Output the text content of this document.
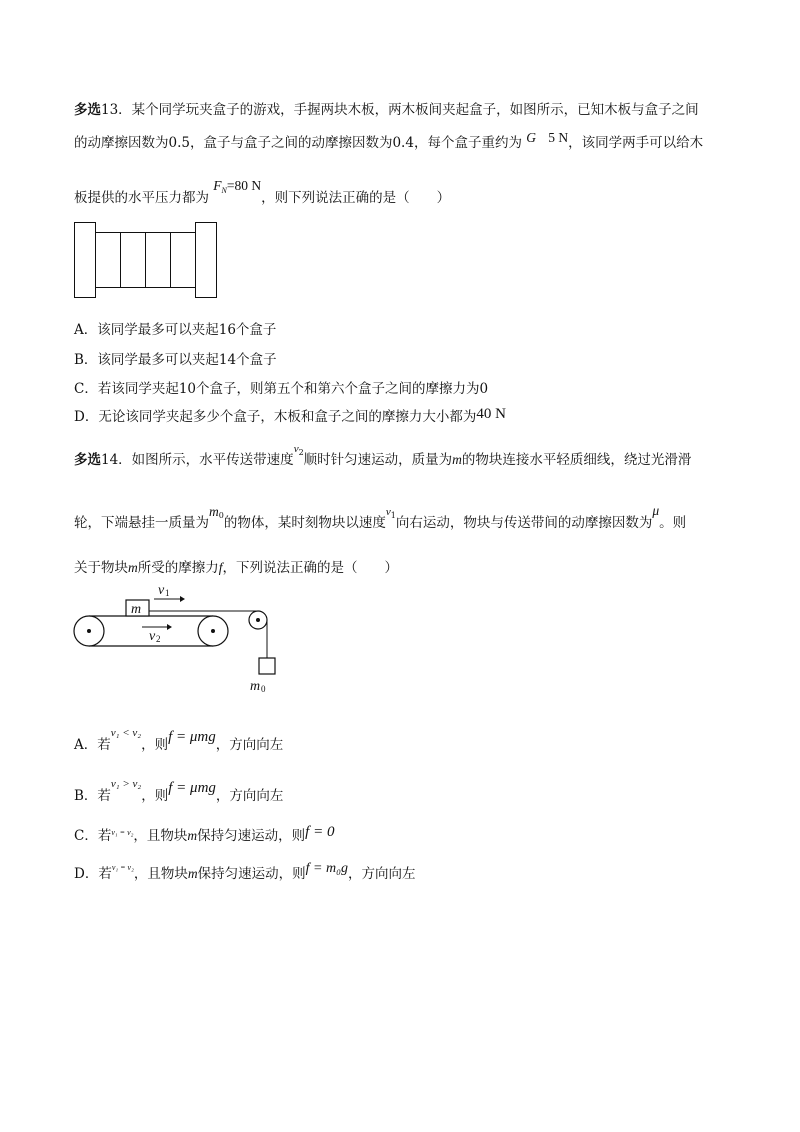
多选13．某个同学玩夹盒子的游戏，手握两块木板，两木板间夹起盒子，如图所示，已知木板与盒子之间
的动摩擦因数为0.5，盒子与盒子之间的动摩擦因数为0.4，每个盒子重约为 G 5 N，该同学两手可以给木
板提供的水平压力都为 $F^N=80$ N，则下列说法正确的是（　　）
A．该同学最多可以夹起16个盒子
B．该同学最多可以夹起14个盒子
C．若该同学夹起10个盒子，则第五个和第六个盒子之间的摩擦力为0
D．无论该同学夹起多少个盒子，木板和盒子之间的摩擦力大小都为40 N
多选14．如图所示，水平传送带速度$^{v2}$顺时针匀速运动，质量为m的物块连接水平轻质细线，绕过光滑滑
轮，下端悬挂一质量为$m^0$的物体，某时刻物块以速度$^{v1}$向右运动，物块与传送带间的动摩擦因数为μ。则
关于物块m所受的摩擦力f，下列说法正确的是（　　）
m
m 0
v 1
v 2
A．若$^{v_1 < v_2}$，则f = μmg，方向向左
B．若$^{v_1 > v_2}$，则f = μmg，方向向左
C．若$^{v_1 = v_2}$，且物块m保持匀速运动，则f = 0
D．若$^{v_1 = v_2}$，且物块m保持匀速运动，则f = m₀g，方向向左
